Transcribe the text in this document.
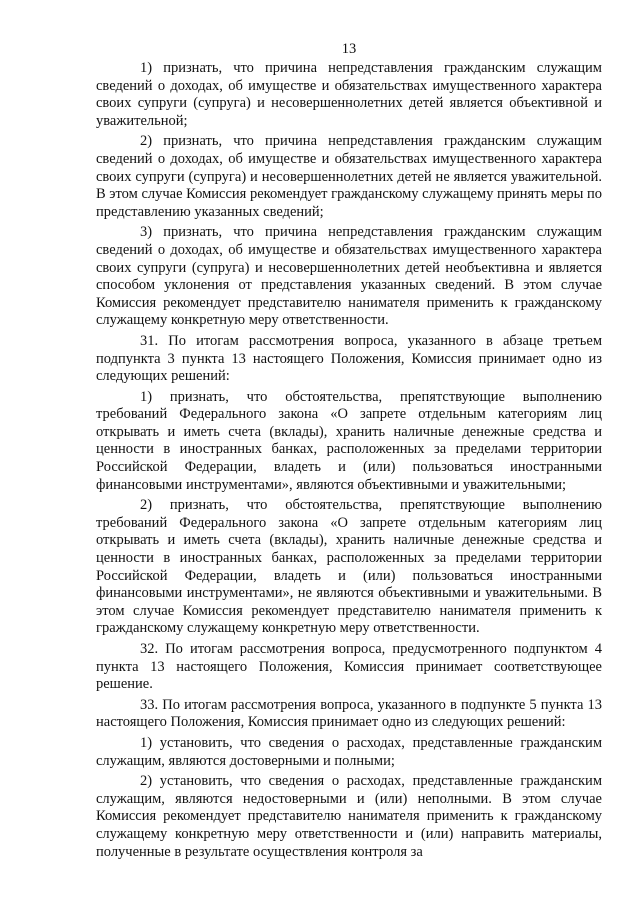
13

1) признать, что причина непредставления гражданским служащим сведений о доходах, об имуществе и обязательствах имущественного характера своих супруги (супруга) и несовершеннолетних детей является объективной и уважительной;

2) признать, что причина непредставления гражданским служащим сведений о доходах, об имуществе и обязательствах имущественного характера своих супруги (супруга) и несовершеннолетних детей не является уважительной. В этом случае Комиссия рекомендует гражданскому служащему принять меры по представлению указанных сведений;

3) признать, что причина непредставления гражданским служащим сведений о доходах, об имуществе и обязательствах имущественного характера своих супруги (супруга) и несовершеннолетних детей необъективна и является способом уклонения от представления указанных сведений. В этом случае Комиссия рекомендует представителю нанимателя применить к гражданскому служащему конкретную меру ответственности.

31. По итогам рассмотрения вопроса, указанного в абзаце третьем подпункта 3 пункта 13 настоящего Положения, Комиссия принимает одно из следующих решений:

1) признать, что обстоятельства, препятствующие выполнению требований Федерального закона «О запрете отдельным категориям лиц открывать и иметь счета (вклады), хранить наличные денежные средства и ценности в иностранных банках, расположенных за пределами территории Российской Федерации, владеть и (или) пользоваться иностранными финансовыми инструментами», являются объективными и уважительными;

2) признать, что обстоятельства, препятствующие выполнению требований Федерального закона «О запрете отдельным категориям лиц открывать и иметь счета (вклады), хранить наличные денежные средства и ценности в иностранных банках, расположенных за пределами территории Российской Федерации, владеть и (или) пользоваться иностранными финансовыми инструментами», не являются объективными и уважительными. В этом случае Комиссия рекомендует представителю нанимателя применить к гражданскому служащему конкретную меру ответственности.

32. По итогам рассмотрения вопроса, предусмотренного подпунктом 4 пункта 13 настоящего Положения, Комиссия принимает соответствующее решение.

33. По итогам рассмотрения вопроса, указанного в подпункте 5 пункта 13 настоящего Положения, Комиссия принимает одно из следующих решений:

1) установить, что сведения о расходах, представленные гражданским служащим, являются достоверными и полными;

2) установить, что сведения о расходах, представленные гражданским служащим, являются недостоверными и (или) неполными. В этом случае Комиссия рекомендует представителю нанимателя применить к гражданскому служащему конкретную меру ответственности и (или) направить материалы, полученные в результате осуществления контроля за
